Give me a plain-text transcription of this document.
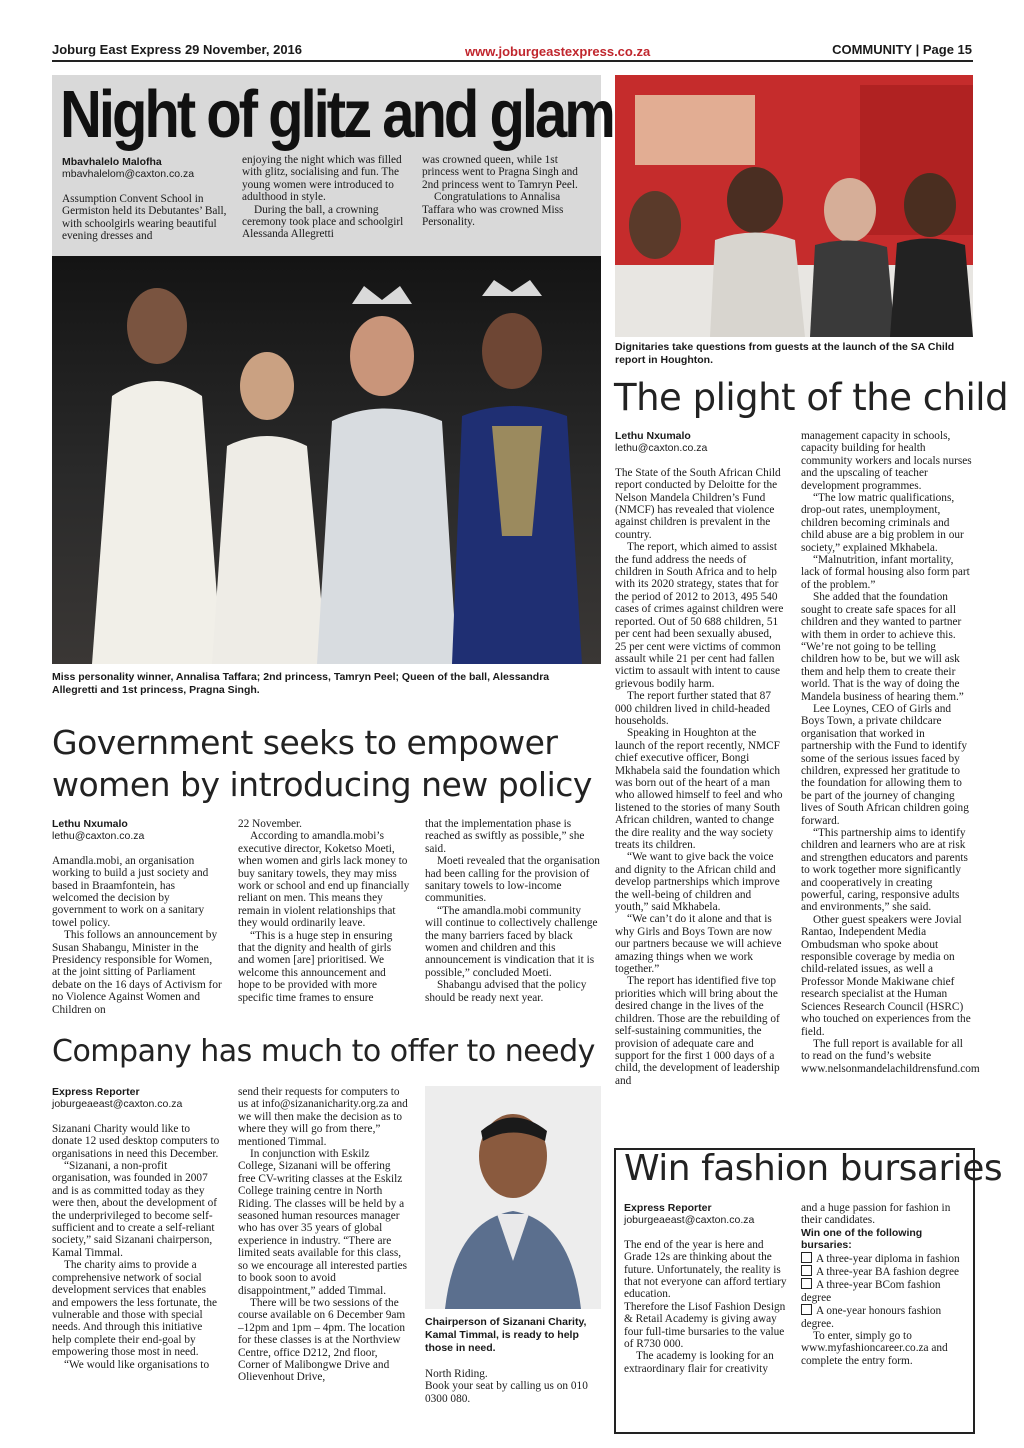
Joburg East Express 29 November, 2016	www.joburgeastexpress.co.za	COMMUNITY | Page 15
Night of glitz and glam
Mbavhalelo Malofha
mbavhalelom@caxton.co.za

Assumption Convent School in Germiston held its Debutantes’ Ball, with schoolgirls wearing beautiful evening dresses and

enjoying the night which was filled with glitz, socialising and fun. The young women were introduced to adulthood in style.

During the ball, a crowning ceremony took place and schoolgirl Alessanda Allegretti

was crowned queen, while 1st princess went to Pragna Singh and 2nd princess went to Tamryn Peel.

Congratulations to Annalisa Taffara who was crowned Miss Personality.

Miss personality winner, Annalisa Taffara; 2nd princess, Tamryn Peel; Queen of the ball, Alessandra Allegretti and 1st princess, Pragna Singh.
Dignitaries take questions from guests at the launch of the SA Child report in Houghton.
The plight of the child
Lethu Nxumalo
lethu@caxton.co.za

The State of the South African Child report conducted by Deloitte for the Nelson Mandela Children’s Fund (NMCF) has revealed that violence against children is prevalent in the country.

The report, which aimed to assist the fund address the needs of children in South Africa and to help with its 2020 strategy, states that for the period of 2012 to 2013, 495 540 cases of crimes against children were reported. Out of 50 688 children, 51 per cent had been sexually abused, 25 per cent were victims of common assault while 21 per cent had fallen victim to assault with intent to cause grievous bodily harm.

The report further stated that 87 000 children lived in child-headed households.

Speaking in Houghton at the launch of the report recently, NMCF chief executive officer, Bongi Mkhabela said the foundation which was born out of the heart of a man who allowed himself to feel and who listened to the stories of many South African children, wanted to change the dire reality and the way society treats its children.

“We want to give back the voice and dignity to the African child and develop partnerships which improve the well-being of children and youth,” said Mkhabela.

“We can’t do it alone and that is why Girls and Boys Town are now our partners because we will achieve amazing things when we work together.”

The report has identified five top priorities which will bring about the desired change in the lives of the children. Those are the rebuilding of self-sustaining communities, the provision of adequate care and support for the first 1 000 days of a child, the development of leadership and

management capacity in schools, capacity building for health community workers and locals nurses and the upscaling of teacher development programmes.

“The low matric qualifications, drop-out rates, unemployment, children becoming criminals and child abuse are a big problem in our society,” explained Mkhabela.

“Malnutrition, infant mortality, lack of formal housing also form part of the problem.”

She added that the foundation sought to create safe spaces for all children and they wanted to partner with them in order to achieve this. “We’re not going to be telling children how to be, but we will ask them and help them to create their world. That is the way of doing the Mandela business of hearing them.”

Lee Loynes, CEO of Girls and Boys Town, a private childcare organisation that worked in partnership with the Fund to identify some of the serious issues faced by children, expressed her gratitude to the foundation for allowing them to be part of the journey of changing lives of South African children going forward.

“This partnership aims to identify children and learners who are at risk and strengthen educators and parents to work together more significantly and cooperatively in creating powerful, caring, responsive adults and environments,” she said.

Other guest speakers were Jovial Rantao, Independent Media Ombudsman who spoke about responsible coverage by media on child-related issues, as well a Professor Monde Makiwane chief research specialist at the Human Sciences Research Council (HSRC) who touched on experiences from the field.

The full report is available for all to read on the fund’s website www.nelsonmandelachildrensfund.com

Government seeks to empower women by introducing new policy
Lethu Nxumalo
lethu@caxton.co.za

Amandla.mobi, an organisation working to build a just society and based in Braamfontein, has welcomed the decision by government to work on a sanitary towel policy.

This follows an announcement by Susan Shabangu, Minister in the Presidency responsible for Women, at the joint sitting of Parliament debate on the 16 days of Activism for no Violence Against Women and Children on

22 November.

According to amandla.mobi’s executive director, Koketso Moeti, when women and girls lack money to buy sanitary towels, they may miss work or school and end up financially reliant on men. This means they remain in violent relationships that they would ordinarily leave.

“This is a huge step in ensuring that the dignity and health of girls and women [are] prioritised. We welcome this announcement and hope to be provided with more specific time frames to ensure

that the implementation phase is reached as swiftly as possible,” she said.

Moeti revealed that the organisation had been calling for the provision of sanitary towels to low-income communities.

“The amandla.mobi community will continue to collectively challenge the many barriers faced by black women and children and this announcement is vindication that it is possible,” concluded Moeti.

Shabangu advised that the policy should be ready next year.

Company has much to offer to needy
Express Reporter
joburgeaeast@caxton.co.za

Sizanani Charity would like to donate 12 used desktop computers to organisations in need this December.

“Sizanani, a non-profit organisation, was founded in 2007 and is as committed today as they were then, about the development of the underprivileged to become self-sufficient and to create a self-reliant society,” said Sizanani chairperson, Kamal Timmal.

The charity aims to provide a comprehensive network of social development services that enables and empowers the less fortunate, the vulnerable and those with special needs. And through this initiative help complete their end-goal by empowering those most in need.

“We would like organisations to

send their requests for computers to us at info@sizananicharity.org.za and we will then make the decision as to where they will go from there,” mentioned Timmal.

In conjunction with Eskilz College, Sizanani will be offering free CV-writing classes at the Eskilz College training centre in North Riding. The classes will be held by a seasoned human resources manager who has over 35 years of global experience in industry. “There are limited seats available for this class, so we encourage all interested parties to book soon to avoid disappointment,” added Timmal.

There will be two sessions of the course available on 6 December 9am –12pm and 1pm – 4pm. The location for these classes is at the Northview Centre, office D212, 2nd floor, Corner of Malibongwe Drive and Olievenhout Drive,

Chairperson of Sizanani Charity, Kamal Timmal, is ready to help those in need.

North Riding.

Book your seat by calling us on 010 0300 080.

Win fashion bursaries
Express Reporter
joburgeaeast@caxton.co.za

The end of the year is here and Grade 12s are thinking about the future. Unfortunately, the reality is that not everyone can afford tertiary education.

Therefore the Lisof Fashion Design & Retail Academy is giving away four full-time bursaries to the value of R730 000.

The academy is looking for an extraordinary flair for creativity

and a huge passion for fashion in their candidates.

Win one of the following bursaries:

A three-year diploma in fashion

A three-year BA fashion degree

A three-year BCom fashion degree

A one-year honours fashion degree.

To enter, simply go to www.myfashioncareer.co.za and complete the entry form.
